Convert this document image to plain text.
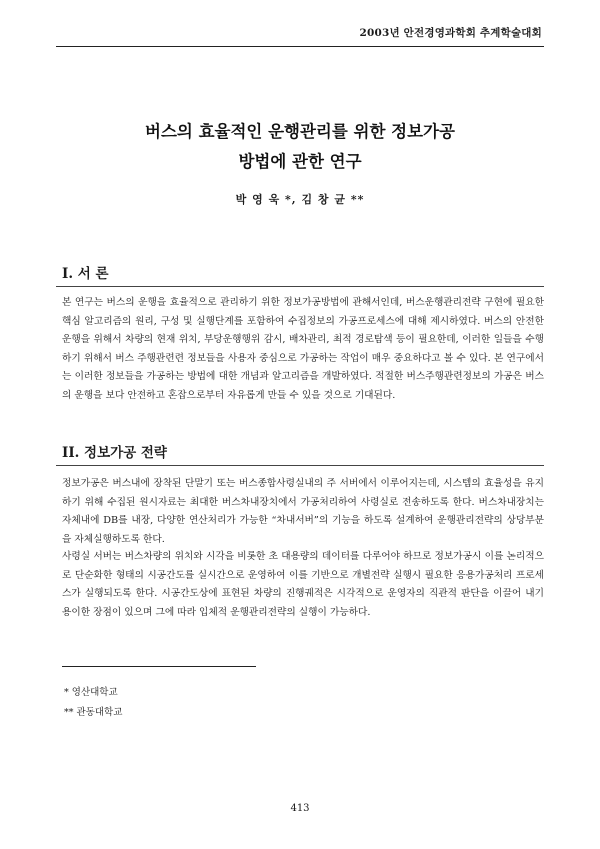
2003년 안전경영과학회 추계학술대회
버스의 효율적인 운행관리를 위한 정보가공
방법에 관한 연구
박 영 욱 *, 김 창 균 **
I. 서 론

본 연구는 버스의 운행을 효율적으로 관리하기 위한 정보가공방법에 관해서인데, 버스운행관리전략 구현에 필요한 핵심 알고리즘의 원리, 구성 및 실행단계를 포함하여 수집정보의 가공프로세스에 대해 제시하였다. 버스의 안전한 운행을 위해서 차량의 현재 위치, 부당운행행위 감시, 배차관리, 최적 경로탐색 등이 필요한데, 이러한 일들을 수행하기 위해서 버스 주행관련련 정보들을 사용자 중심으로 가공하는 작업이 매우 중요하다고 볼 수 있다. 본 연구에서는 이러한 정보들을 가공하는 방법에 대한 개념과 알고리즘을 개발하였다. 적절한 버스주행관련정보의 가공은 버스의 운행을 보다 안전하고 혼잡으로부터 자유롭게 만들 수 있을 것으로 기대된다.

II. 정보가공 전략

정보가공은 버스내에 장착된 단말기 또는 버스종합사령실내의 주 서버에서 이루어지는데, 시스템의 효율성을 유지하기 위해 수집된 원시자료는 최대한 버스차내장치에서 가공처리하여 사령실로 전송하도록 한다. 버스차내장치는 자체내에 DB를 내장, 다양한 연산처리가 가능한 “차내서버”의 기능을 하도록 설계하여 운행관리전략의 상당부분을 자체실행하도록 한다.

사령실 서버는 버스차량의 위치와 시각을 비롯한 초 대용량의 데이터를 다루어야 하므로 정보가공시 이를 논리적으로 단순화한 형태의 시공간도를 실시간으로 운영하여 이를 기반으로 개별전략 실행시 필요한 응용가공처리 프로세스가 실행되도록 한다. 시공간도상에 표현된 차량의 진행궤적은 시각적으로 운영자의 직관적 판단을 이끌어 내기 용이한 장점이 있으며 그에 따라 입체적 운행관리전략의 실행이 가능하다.

* 영산대학교
** 관동대학교
413
